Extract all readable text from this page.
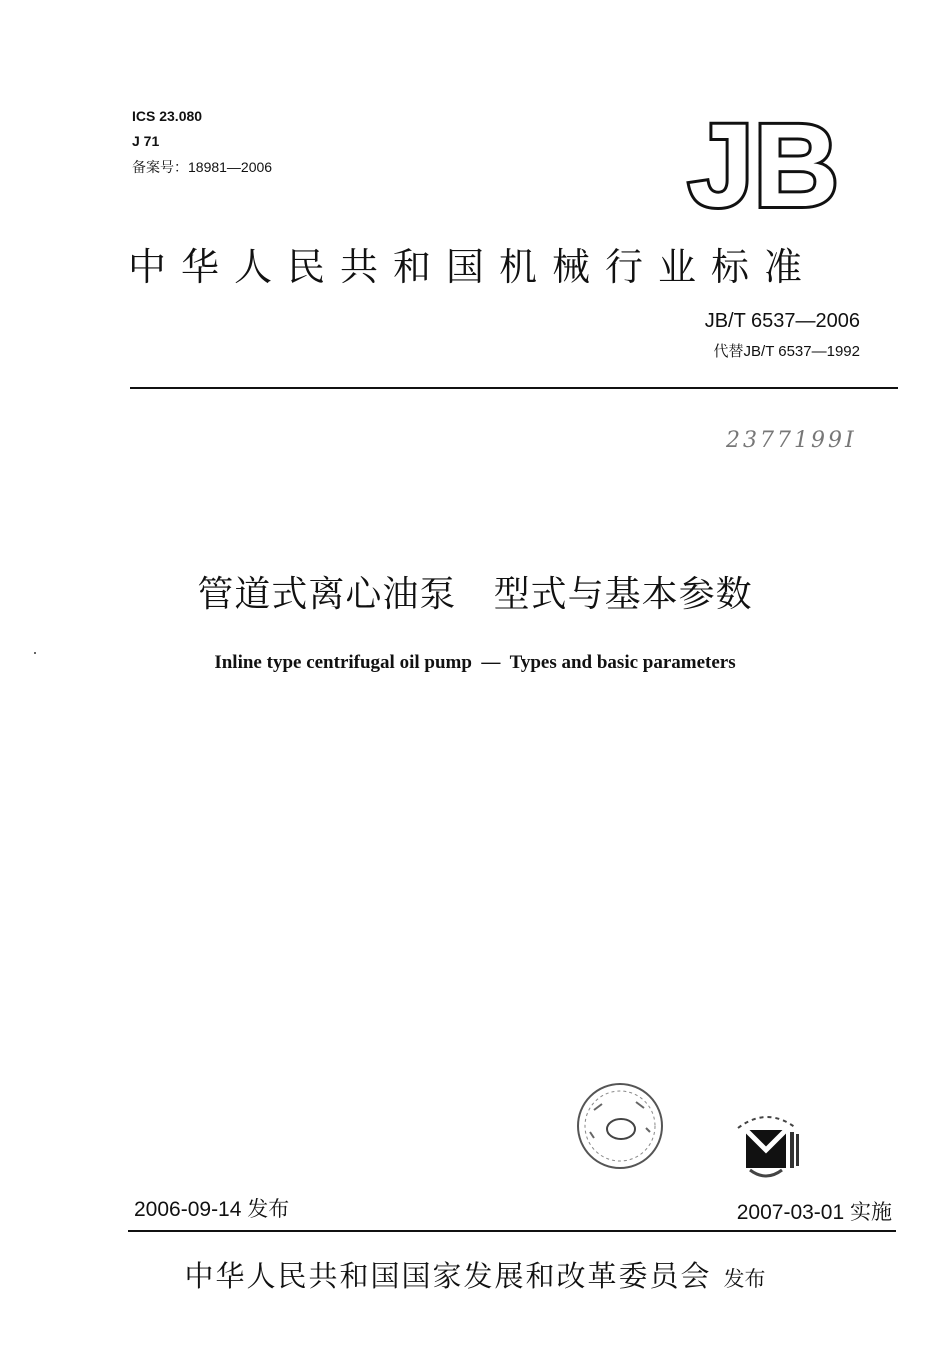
ICS 23.080
J 71
备案号：18981—2006	JB
中华人民共和国机械行业标准
JB/T 6537—2006
代替JB/T 6537—1992
2377199I
管道式离心油泵   型式与基本参数
Inline type centrifugal oil pump  —  Types and basic parameters
2006-09-14 发布	2007-03-01 实施
中华人民共和国国家发展和改革委员会 发布
